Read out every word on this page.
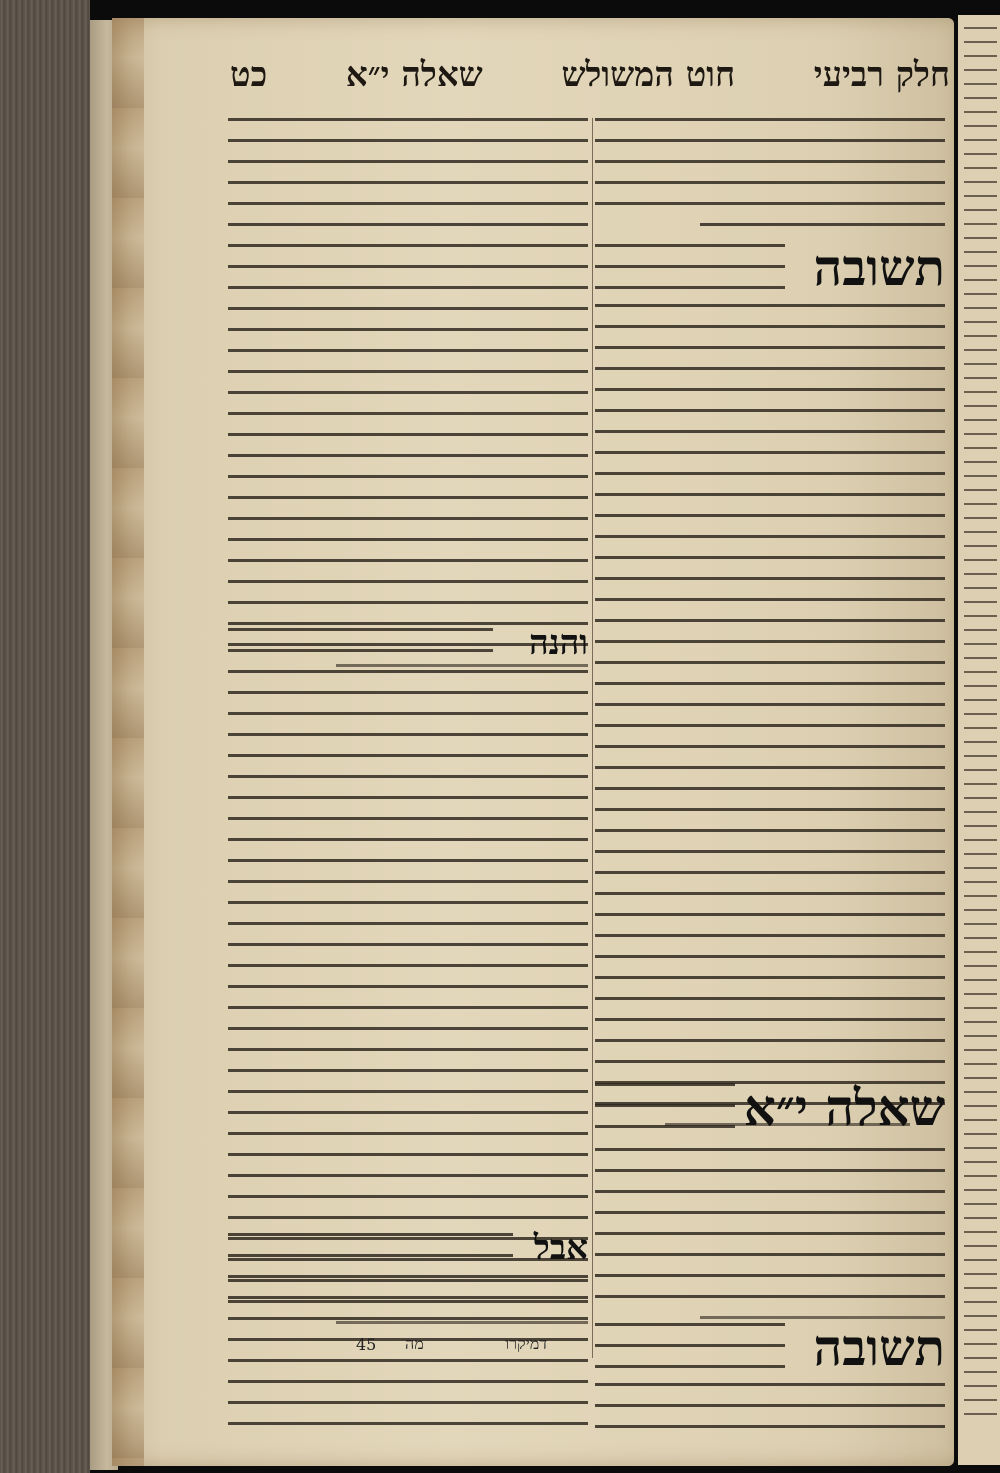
חלק רביעי
חוט המשולש
שאלה י״א
כט
תשובה
שאלה י״א
תשובה
והנה
אבל
45 מה	דמיקרו
